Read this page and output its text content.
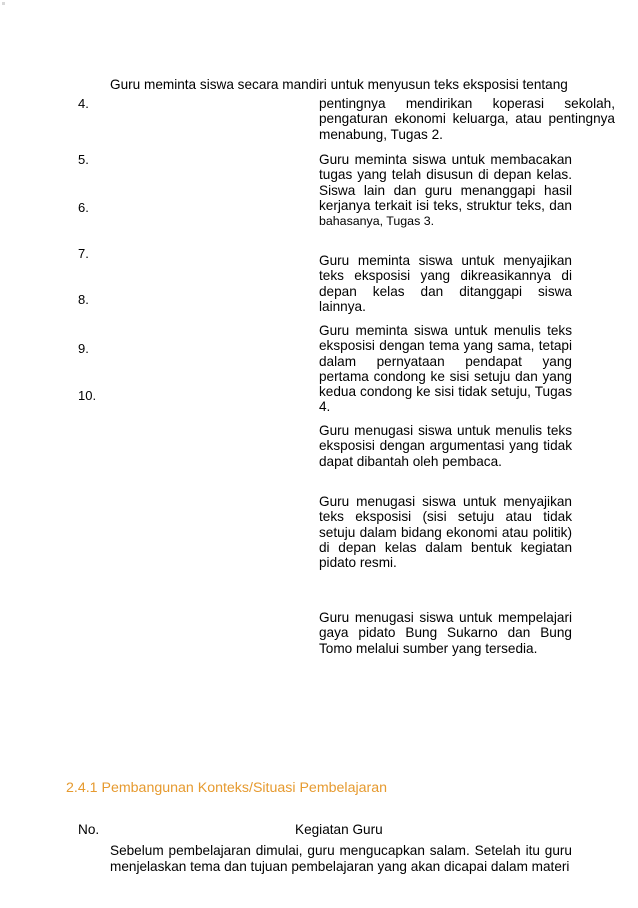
Guru meminta siswa secara mandiri untuk menyusun teks eksposisi tentang
pentingnya mendirikan koperasi sekolah, pengaturan ekonomi keluarga, atau pentingnya menabung, Tugas 2.
4.
5.
6.
7.
8.
9.
10.
Guru meminta siswa untuk membacakan tugas yang telah disusun di depan kelas. Siswa lain dan guru menanggapi hasil kerjanya terkait isi teks, struktur teks, dan bahasanya, Tugas 3.
Guru meminta siswa untuk menyajikan teks eksposisi yang dikreasikannya di depan kelas dan ditanggapi siswa lainnya.
Guru meminta siswa untuk menulis teks eksposisi dengan tema yang sama, tetapi dalam pernyataan pendapat yang pertama condong ke sisi setuju dan yang kedua condong ke sisi tidak setuju, Tugas 4.
Guru menugasi siswa untuk menulis teks eksposisi dengan argumentasi yang tidak dapat dibantah oleh pembaca.
Guru menugasi siswa untuk menyajikan teks eksposisi (sisi setuju atau tidak setuju dalam bidang ekonomi atau politik) di depan kelas dalam bentuk kegiatan pidato resmi.
Guru menugasi siswa untuk mempelajari gaya pidato Bung Sukarno dan Bung Tomo melalui sumber yang tersedia.
2.4.1 Pembangunan Konteks/Situasi Pembelajaran
No.	Kegiatan Guru
Sebelum pembelajaran dimulai, guru mengucapkan salam. Setelah itu guru menjelaskan tema dan tujuan pembelajaran yang akan dicapai dalam materi
